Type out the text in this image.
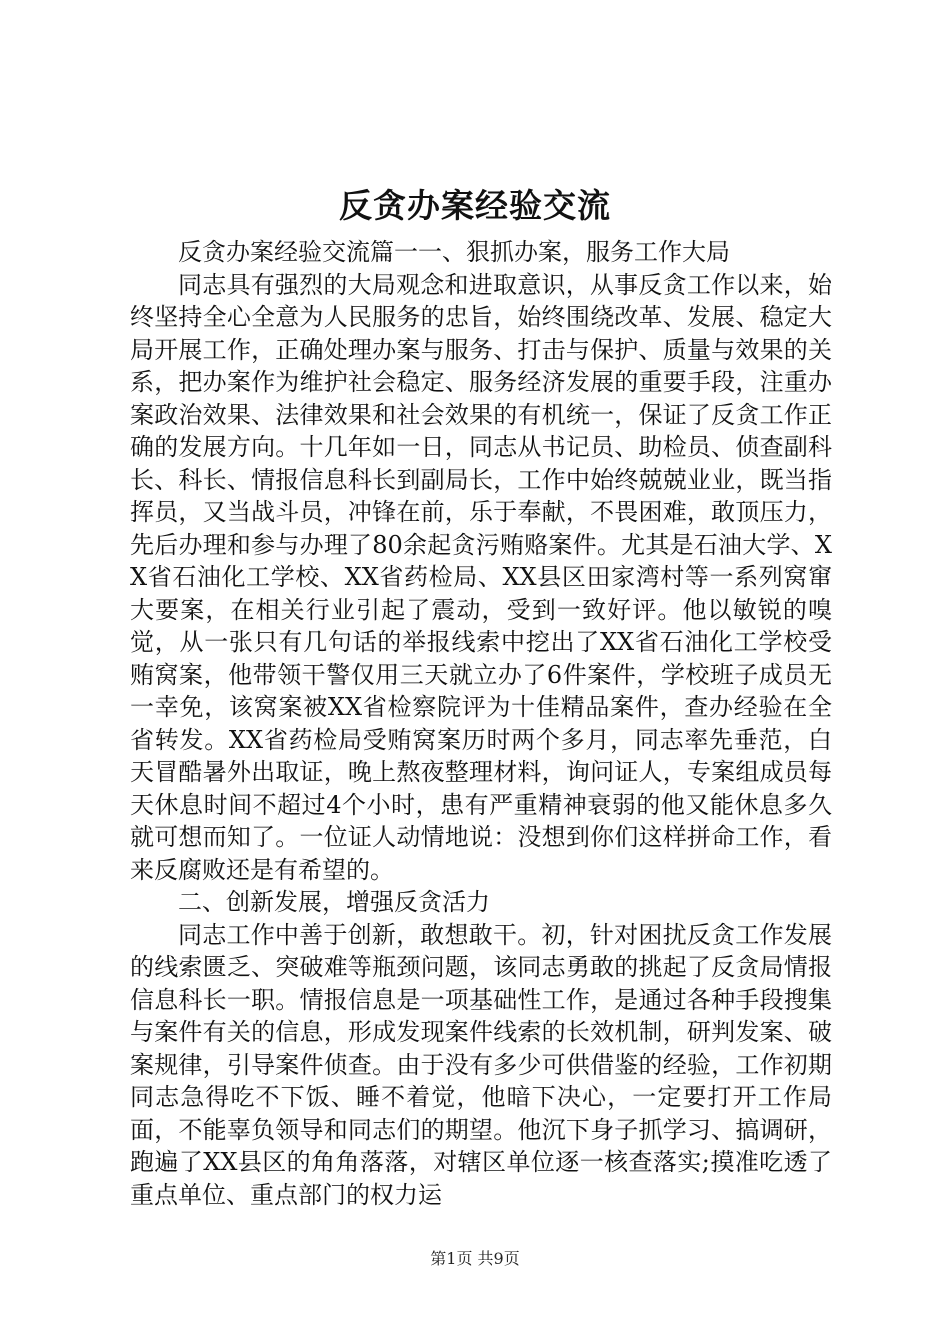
反贪办案经验交流

反贪办案经验交流篇一一、狠抓办案，服务工作大局

同志具有强烈的大局观念和进取意识，从事反贪工作以来，始终坚持全心全意为人民服务的忠旨，始终围绕改革、发展、稳定大局开展工作，正确处理办案与服务、打击与保护、质量与效果的关系，把办案作为维护社会稳定、服务经济发展的重要手段，注重办案政治效果、法律效果和社会效果的有机统一，保证了反贪工作正确的发展方向。十几年如一日，同志从书记员、助检员、侦查副科长、科长、情报信息科长到副局长，工作中始终兢兢业业，既当指挥员，又当战斗员，冲锋在前，乐于奉献，不畏困难，敢顶压力，先后办理和参与办理了80余起贪污贿赂案件。尤其是石油大学、XX省石油化工学校、XX省药检局、XX县区田家湾村等一系列窝窜大要案，在相关行业引起了震动，受到一致好评。他以敏锐的嗅觉，从一张只有几句话的举报线索中挖出了XX省石油化工学校受贿窝案，他带领干警仅用三天就立办了6件案件，学校班子成员无一幸免，该窝案被XX省检察院评为十佳精品案件，查办经验在全省转发。XX省药检局受贿窝案历时两个多月，同志率先垂范，白天冒酷暑外出取证，晚上熬夜整理材料，询问证人，专案组成员每天休息时间不超过4个小时，患有严重精神衰弱的他又能休息多久就可想而知了。一位证人动情地说：没想到你们这样拼命工作，看来反腐败还是有希望的。

二、创新发展，增强反贪活力

同志工作中善于创新，敢想敢干。初，针对困扰反贪工作发展的线索匮乏、突破难等瓶颈问题，该同志勇敢的挑起了反贪局情报信息科长一职。情报信息是一项基础性工作，是通过各种手段搜集与案件有关的信息，形成发现案件线索的长效机制，研判发案、破案规律，引导案件侦查。由于没有多少可供借鉴的经验，工作初期同志急得吃不下饭、睡不着觉，他暗下决心，一定要打开工作局面，不能辜负领导和同志们的期望。他沉下身子抓学习、搞调研，跑遍了XX县区的角角落落，对辖区单位逐一核查落实;摸准吃透了重点单位、重点部门的权力运

第1页 共9页
